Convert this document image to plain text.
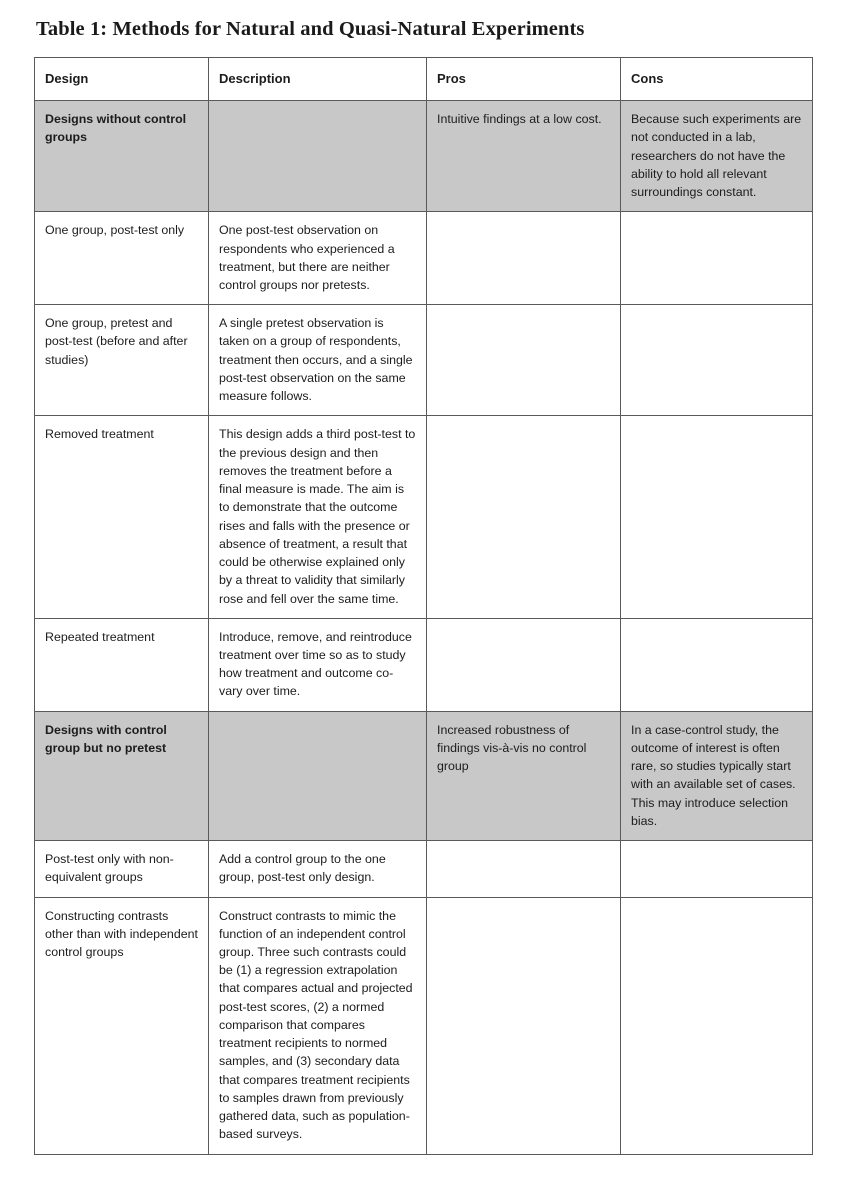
Table 1: Methods for Natural and Quasi-Natural Experiments
Design	Description	Pros	Cons
Designs without control groups		Intuitive findings at a low cost.	Because such experiments are not conducted in a lab, researchers do not have the ability to hold all relevant surroundings constant.
One group, post-test only	One post-test observation on respondents who experienced a treatment, but there are neither control groups nor pretests.		
One group, pretest and post-test (before and after studies)	A single pretest observation is taken on a group of respondents, treatment then occurs, and a single post-test observation on the same measure follows.		
Removed treatment	This design adds a third post-test to the previous design and then removes the treatment before a final measure is made. The aim is to demonstrate that the outcome rises and falls with the presence or absence of treatment, a result that could be otherwise explained only by a threat to validity that similarly rose and fell over the same time.		
Repeated treatment	Introduce, remove, and reintroduce treatment over time so as to study how treatment and outcome co-vary over time.		
Designs with control group but no pretest		Increased robustness of findings vis-à-vis no control group	In a case-control study, the outcome of interest is often rare, so studies typically start with an available set of cases. This may introduce selection bias.
Post-test only with non-equivalent groups	Add a control group to the one group, post-test only design.		
Constructing contrasts other than with independent control groups	Construct contrasts to mimic the function of an independent control group. Three such contrasts could be (1) a regression extrapolation that compares actual and projected post-test scores, (2) a normed comparison that compares treatment recipients to normed samples, and (3) secondary data that compares treatment recipients to samples drawn from previously gathered data, such as population-based surveys.		
